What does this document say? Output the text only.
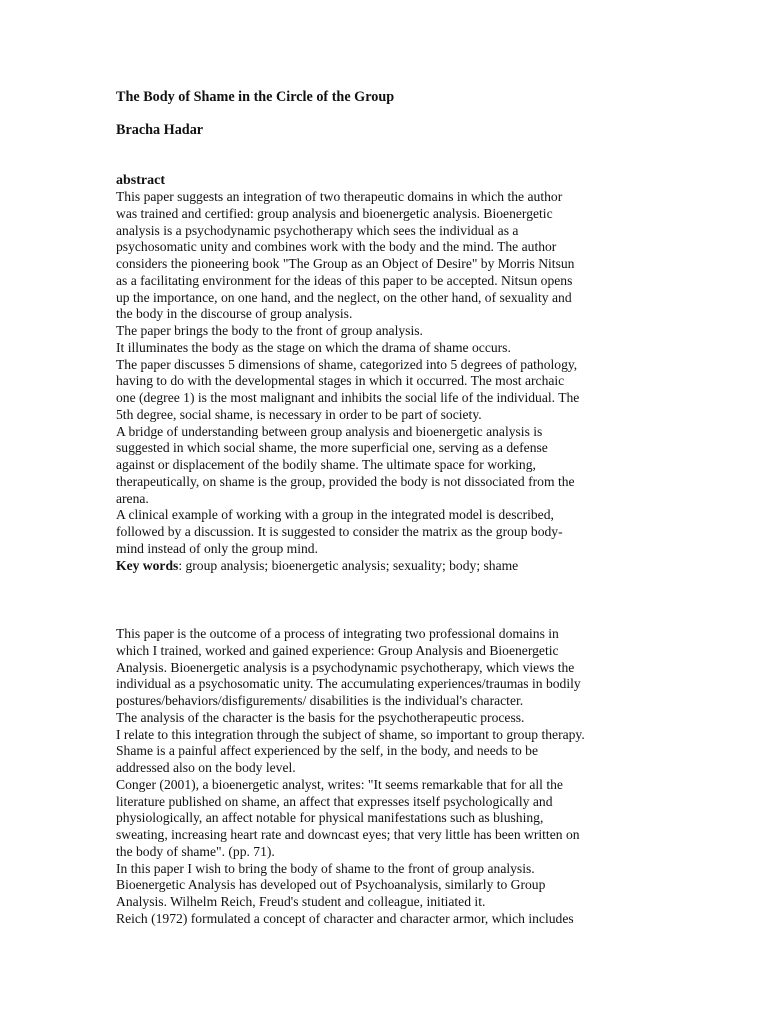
The Body of Shame in the Circle of the Group
Bracha Hadar
abstract
This paper suggests an integration of two therapeutic domains in which the author
was trained and certified: group analysis and bioenergetic analysis. Bioenergetic
analysis is a psychodynamic psychotherapy which sees the individual as a
psychosomatic unity and combines work with the body and the mind. The author
considers the pioneering book "The Group as an Object of Desire" by Morris Nitsun
as a facilitating environment for the ideas of this paper to be accepted. Nitsun opens
up the importance, on one hand, and the neglect, on the other hand, of sexuality and
the body in the discourse of group analysis.
The paper brings the body to the front of group analysis.
It illuminates the body as the stage on which the drama of shame occurs.
The paper discusses 5 dimensions of shame, categorized into 5 degrees of pathology,
having to do with the developmental stages in which it occurred. The most archaic
one (degree 1) is the most malignant and inhibits the social life of the individual. The
5th degree, social shame, is necessary in order to be part of society.
A bridge of understanding between group analysis and bioenergetic analysis is
suggested in which social shame, the more superficial one, serving as a defense
against or displacement of the bodily shame. The ultimate space for working,
therapeutically, on shame is the group, provided the body is not dissociated from the
arena.
A clinical example of working with a group in the integrated model is described,
followed by a discussion. It is suggested to consider the matrix as the group body-
mind instead of only the group mind.
Key words: group analysis; bioenergetic analysis; sexuality; body; shame
This paper is the outcome of a process of integrating two professional domains in
which I trained, worked and gained experience: Group Analysis and Bioenergetic
Analysis. Bioenergetic analysis is a psychodynamic psychotherapy, which views the
individual as a psychosomatic unity. The accumulating experiences/traumas in bodily
postures/behaviors/disfigurements/ disabilities is the individual's character.
The analysis of the character is the basis for the psychotherapeutic process.
I relate to this integration through the subject of shame, so important to group therapy.
Shame is a painful affect experienced by the self, in the body, and needs to be
addressed also on the body level.
Conger (2001), a bioenergetic analyst, writes: "It seems remarkable that for all the
literature published on shame, an affect that expresses itself psychologically and
physiologically, an affect notable for physical manifestations such as blushing,
sweating, increasing heart rate and downcast eyes; that very little has been written on
the body of shame". (pp. 71).
In this paper I wish to bring the body of shame to the front of group analysis.
Bioenergetic Analysis has developed out of Psychoanalysis, similarly to Group
Analysis. Wilhelm Reich, Freud's student and colleague, initiated it.
Reich (1972) formulated a concept of character and character armor, which includes
